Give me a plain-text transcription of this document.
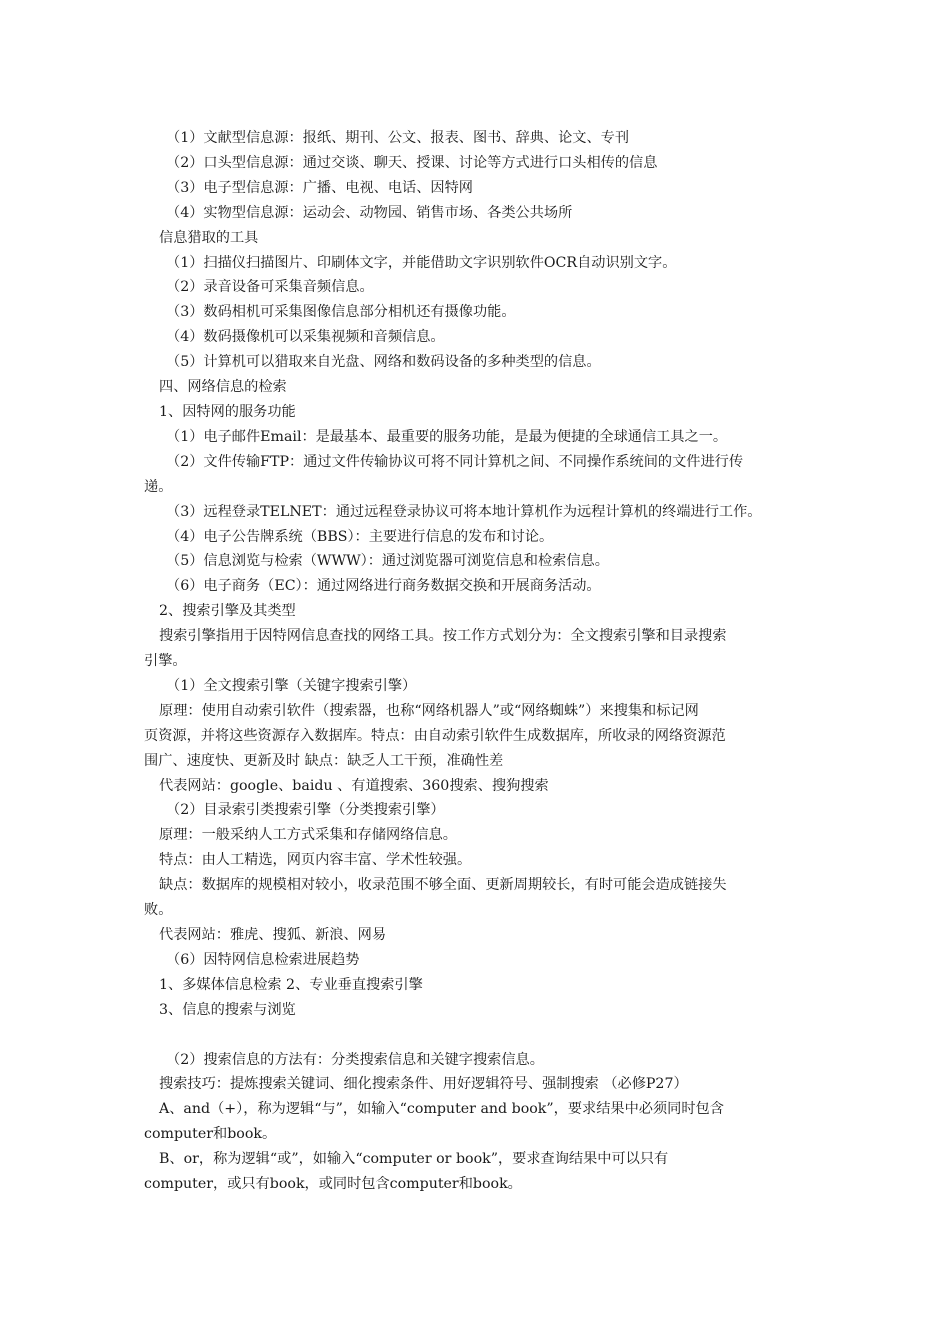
（1）文献型信息源：报纸、期刊、公文、报表、图书、辞典、论文、专刊

（2）口头型信息源：通过交谈、聊天、授课、讨论等方式进行口头相传的信息

（3）电子型信息源：广播、电视、电话、因特网

（4）实物型信息源：运动会、动物园、销售市场、各类公共场所

信息猎取的工具

（1）扫描仪扫描图片、印刷体文字，并能借助文字识别软件OCR自动识别文字。

（2）录音设备可采集音频信息。

（3）数码相机可采集图像信息部分相机还有摄像功能。

（4）数码摄像机可以采集视频和音频信息。

（5）计算机可以猎取来自光盘、网络和数码设备的多种类型的信息。

四、网络信息的检索

1、因特网的服务功能

（1）电子邮件Email：是最基本、最重要的服务功能，是最为便捷的全球通信工具之一。

（2）文件传输FTP：通过文件传输协议可将不同计算机之间、不同操作系统间的文件进行传

递。

（3）远程登录TELNET：通过远程登录协议可将本地计算机作为远程计算机的终端进行工作。

（4）电子公告牌系统（BBS）：主要进行信息的发布和讨论。

（5）信息浏览与检索（WWW）：通过浏览器可浏览信息和检索信息。

（6）电子商务（EC）：通过网络进行商务数据交换和开展商务活动。

2、搜索引擎及其类型

搜索引擎指用于因特网信息查找的网络工具。按工作方式划分为：全文搜索引擎和目录搜索

引擎。

（1）全文搜索引擎（关键字搜索引擎）

原理：使用自动索引软件（搜索器，也称“网络机器人”或“网络蜘蛛”）来搜集和标记网

页资源，并将这些资源存入数据库。特点：由自动索引软件生成数据库，所收录的网络资源范

围广、速度快、更新及时 缺点：缺乏人工干预，准确性差

代表网站：google、baidu 、有道搜索、360搜索、搜狗搜索

（2）目录索引类搜索引擎（分类搜索引擎）

原理：一般采纳人工方式采集和存储网络信息。

特点：由人工精选，网页内容丰富、学术性较强。

缺点：数据库的规模相对较小，收录范围不够全面、更新周期较长，有时可能会造成链接失

败。

代表网站：雅虎、搜狐、新浪、网易

（6）因特网信息检索进展趋势

1、多媒体信息检索 2、专业垂直搜索引擎

3、信息的搜索与浏览

（2）搜索信息的方法有：分类搜索信息和关键字搜索信息。

搜索技巧：提炼搜索关键词、细化搜索条件、用好逻辑符号、强制搜索 （必修P27）

A、and（+），称为逻辑“与”，如输入“computer and book”，要求结果中必须同时包含

computer和book。

B、or，称为逻辑“或”，如输入“computer or book”，要求查询结果中可以只有

computer，或只有book，或同时包含computer和book。
